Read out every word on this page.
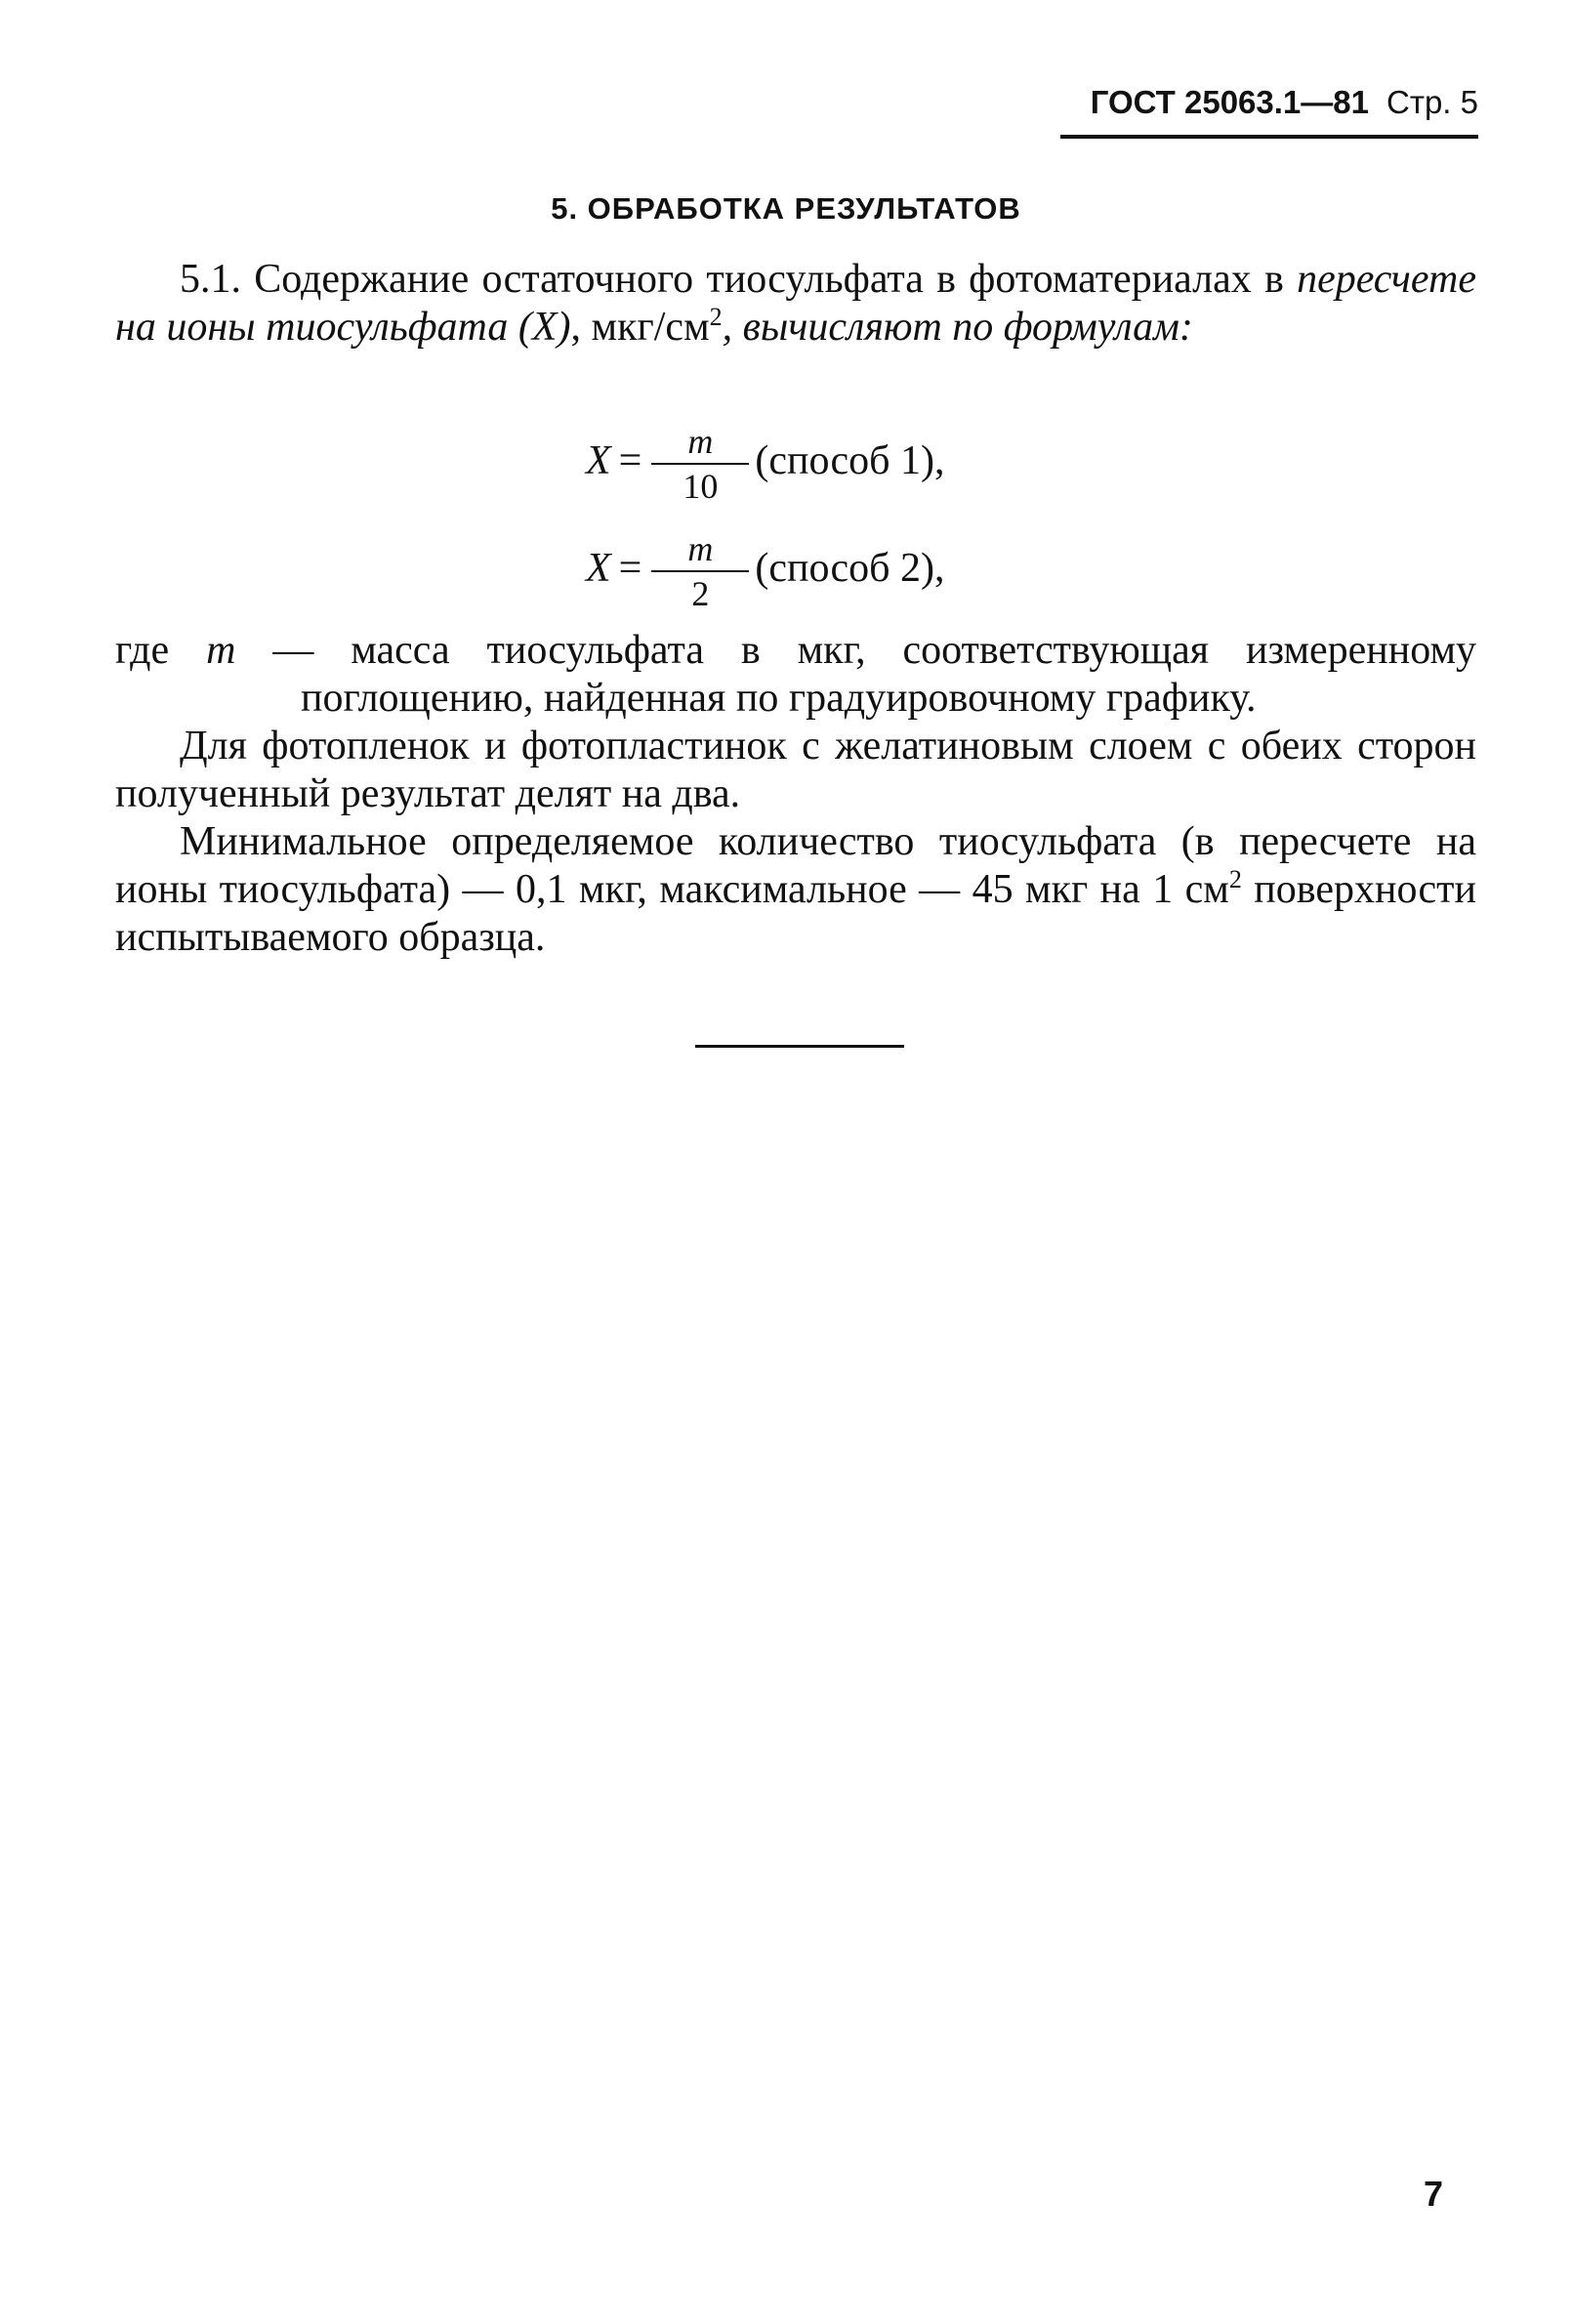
ГОСТ 25063.1—81 Стр. 5
5. ОБРАБОТКА РЕЗУЛЬТАТОВ

5.1. Содержание остаточного тиосульфата в фотоматериалах в пересчете на ионы тиосульфата (X), мкг/$см^2$, вычисляют по формулам:

$X = \frac{m}{10}$ (способ 1),
$X = \frac{m}{2}$ (способ 2),
где m — масса тиосульфата в мкг, соответствующая измеренному
поглощению, найденная по градуировочному графику.

Для фотопленок и фотопластинок с желатиновым слоем с обеих сторон полученный результат делят на два.

Минимальное определяемое количество тиосульфата (в пересчете на ионы тиосульфата) — 0,1 мкг, максимальное — 45 мкг на 1 $см^2$ поверхности испытываемого образца.

7
